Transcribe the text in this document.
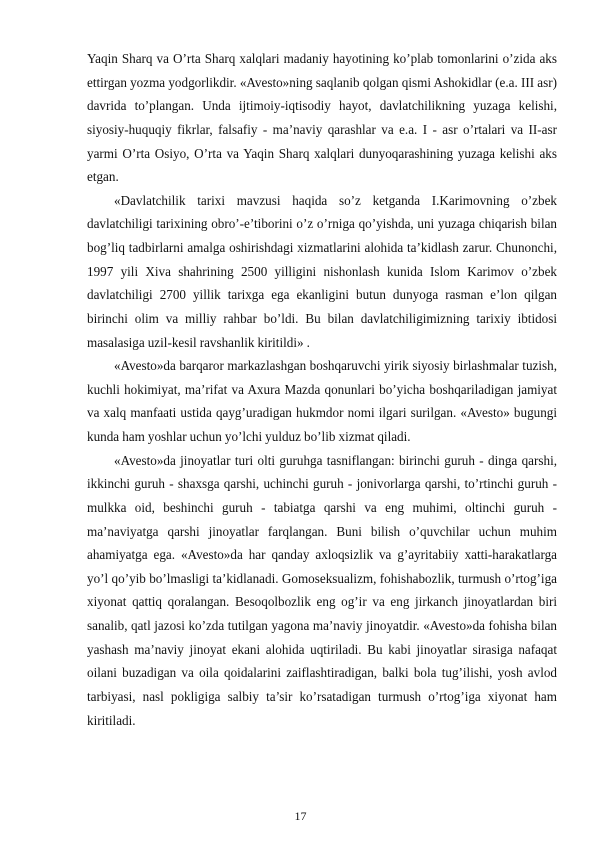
Yaqin Sharq va O’rta Sharq xalqlari madaniy hayotining ko’plab tomonlarini o’zida aks ettirgan yozma yodgorlikdir. «Avesto»ning saqlanib qolgan qismi Ashokidlar (e.a. III asr) davrida to’plangan. Unda ijtimoiy-iqtisodiy hayot, davlatchilikning yuzaga kelishi, siyosiy-huquqiy fikrlar, falsafiy - ma’naviy qarashlar va e.a. I - asr o’rtalari va II-asr yarmi O’rta Osiyo, O’rta va Yaqin Sharq xalqlari dunyoqarashining yuzaga kelishi aks etgan.

«Davlatchilik tarixi mavzusi haqida so’z ketganda I.Karimovning o’zbek davlatchiligi tarixining obro’-e’tiborini o’z o’rniga qo’yishda, uni yuzaga chiqarish bilan bog’liq tadbirlarni amalga oshirishdagi xizmatlarini alohida ta’kidlash zarur. Chunonchi, 1997 yili Xiva shahrining 2500 yilligini nishonlash kunida Islom Karimov o’zbek davlatchiligi 2700 yillik tarixga ega ekanligini butun dunyoga rasman e’lon qilgan birinchi olim va milliy rahbar bo’ldi. Bu bilan davlatchiligimizning tarixiy ibtidosi masalasiga uzil-kesil ravshanlik kiritildi» .

«Avesto»da barqaror markazlashgan boshqaruvchi yirik siyosiy birlashmalar tuzish, kuchli hokimiyat, ma’rifat va Axura Mazda qonunlari bo’yicha boshqariladigan jamiyat va xalq manfaati ustida qayg’uradigan hukmdor nomi ilgari surilgan. «Avesto» bugungi kunda ham yoshlar uchun yo’lchi yulduz bo’lib xizmat qiladi.

«Avesto»da jinoyatlar turi olti guruhga tasniflangan: birinchi guruh - dinga qarshi, ikkinchi guruh - shaxsga qarshi, uchinchi guruh - jonivorlarga qarshi, to’rtinchi guruh - mulkka oid, beshinchi guruh - tabiatga qarshi va eng muhimi, oltinchi guruh - ma’naviyatga qarshi jinoyatlar farqlangan. Buni bilish o’quvchilar uchun muhim ahamiyatga ega. «Avesto»da har qanday axloqsizlik va g’ayritabiiy xatti-harakatlarga yo’l qo’yib bo’lmasligi ta’kidlanadi. Gomoseksualizm, fohishabozlik, turmush o’rtog’iga xiyonat qattiq qoralangan. Besoqolbozlik eng og’ir va eng jirkanch jinoyatlardan biri sanalib, qatl jazosi ko’zda tutilgan yagona ma’naviy jinoyatdir. «Avesto»da fohisha bilan yashash ma’naviy jinoyat ekani alohida uqtiriladi. Bu kabi jinoyatlar sirasiga nafaqat oilani buzadigan va oila qoidalarini zaiflashtiradigan, balki bola tug’ilishi, yosh avlod tarbiyasi, nasl pokligiga salbiy ta’sir ko’rsatadigan turmush o’rtog’iga xiyonat ham kiritiladi.

17
